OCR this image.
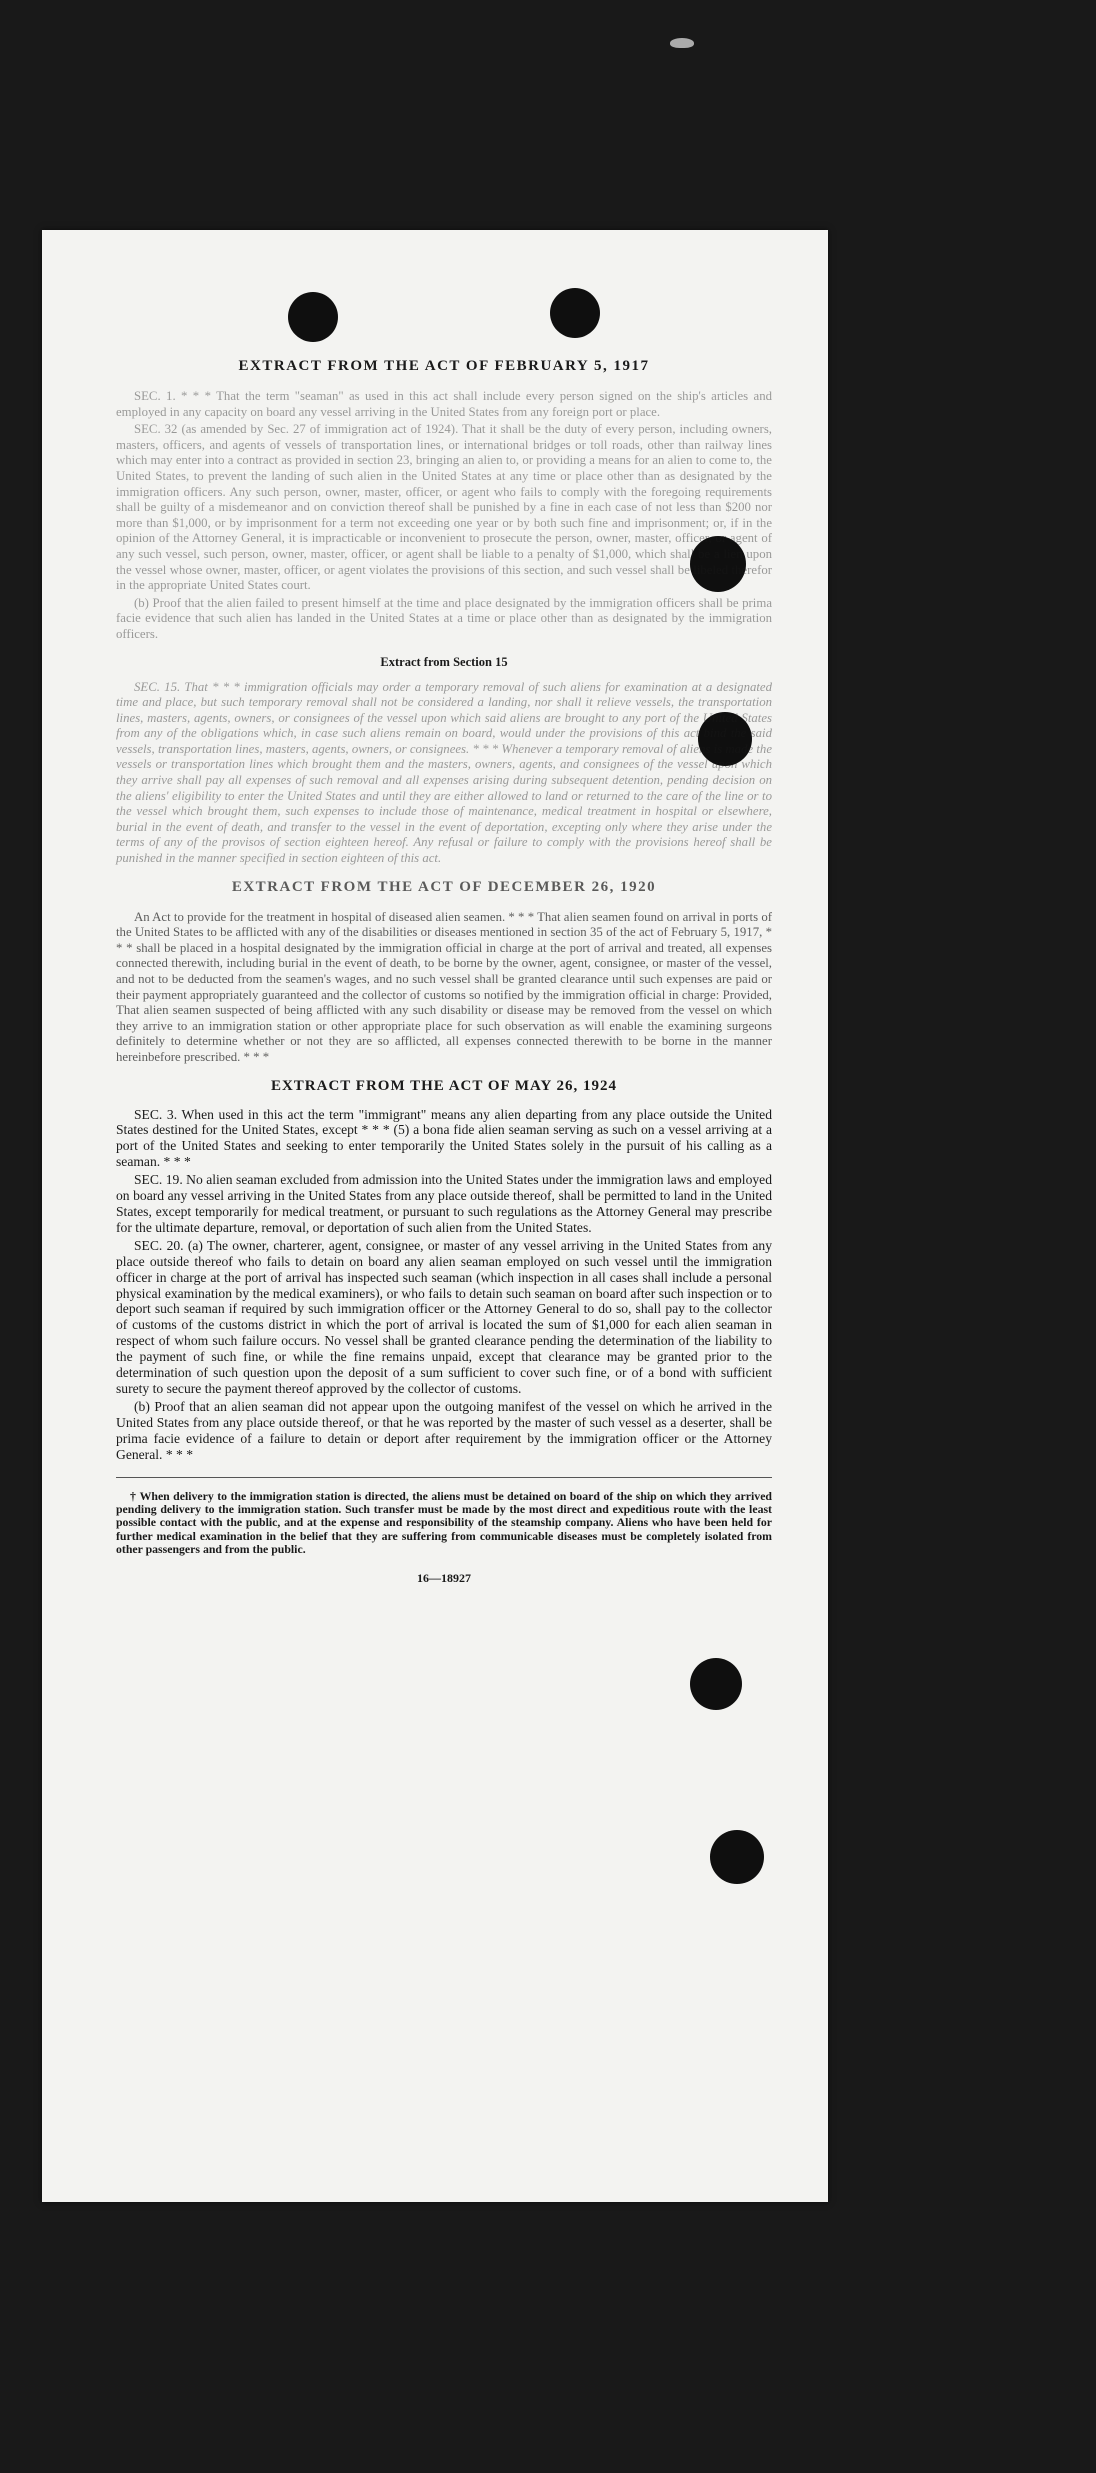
EXTRACT FROM THE ACT OF FEBRUARY 5, 1917

SEC. 1. * * * That the term "seaman" as used in this act shall include every person signed on the ship's articles and employed in any capacity on board any vessel arriving in the United States from any foreign port or place.

SEC. 32 (as amended by Sec. 27 of immigration act of 1924). That it shall be the duty of every person, including owners, masters, officers, and agents of vessels of transportation lines, or international bridges or toll roads, other than railway lines which may enter into a contract as provided in section 23, bringing an alien to, or providing a means for an alien to come to, the United States, to prevent the landing of such alien in the United States at any time or place other than as designated by the immigration officers. Any such person, owner, master, officer, or agent who fails to comply with the foregoing requirements shall be guilty of a misdemeanor and on conviction thereof shall be punished by a fine in each case of not less than $200 nor more than $1,000, or by imprisonment for a term not exceeding one year or by both such fine and imprisonment; or, if in the opinion of the Attorney General, it is impracticable or inconvenient to prosecute the person, owner, master, officer, or agent of any such vessel, such person, owner, master, officer, or agent shall be liable to a penalty of $1,000, which shall be a lien upon the vessel whose owner, master, officer, or agent violates the provisions of this section, and such vessel shall be libeled therefor in the appropriate United States court.

(b) Proof that the alien failed to present himself at the time and place designated by the immigration officers shall be prima facie evidence that such alien has landed in the United States at a time or place other than as designated by the immigration officers.

Extract from Section 15

SEC. 15. That * * * immigration officials may order a temporary removal of such aliens for examination at a designated time and place, but such temporary removal shall not be considered a landing, nor shall it relieve vessels, the transportation lines, masters, agents, owners, or consignees of the vessel upon which said aliens are brought to any port of the United States from any of the obligations which, in case such aliens remain on board, would under the provisions of this act bind the said vessels, transportation lines, masters, agents, owners, or consignees. * * * Whenever a temporary removal of aliens is made the vessels or transportation lines which brought them and the masters, owners, agents, and consignees of the vessel upon which they arrive shall pay all expenses of such removal and all expenses arising during subsequent detention, pending decision on the aliens' eligibility to enter the United States and until they are either allowed to land or returned to the care of the line or to the vessel which brought them, such expenses to include those of maintenance, medical treatment in hospital or elsewhere, burial in the event of death, and transfer to the vessel in the event of deportation, excepting only where they arise under the terms of any of the provisos of section eighteen hereof. Any refusal or failure to comply with the provisions hereof shall be punished in the manner specified in section eighteen of this act.

EXTRACT FROM THE ACT OF DECEMBER 26, 1920

An Act to provide for the treatment in hospital of diseased alien seamen. * * * That alien seamen found on arrival in ports of the United States to be afflicted with any of the disabilities or diseases mentioned in section 35 of the act of February 5, 1917, * * * shall be placed in a hospital designated by the immigration official in charge at the port of arrival and treated, all expenses connected therewith, including burial in the event of death, to be borne by the owner, agent, consignee, or master of the vessel, and not to be deducted from the seamen's wages, and no such vessel shall be granted clearance until such expenses are paid or their payment appropriately guaranteed and the collector of customs so notified by the immigration official in charge: Provided, That alien seamen suspected of being afflicted with any such disability or disease may be removed from the vessel on which they arrive to an immigration station or other appropriate place for such observation as will enable the examining surgeons definitely to determine whether or not they are so afflicted, all expenses connected therewith to be borne in the manner hereinbefore prescribed. * * *

EXTRACT FROM THE ACT OF MAY 26, 1924

SEC. 3. When used in this act the term "immigrant" means any alien departing from any place outside the United States destined for the United States, except * * * (5) a bona fide alien seaman serving as such on a vessel arriving at a port of the United States and seeking to enter temporarily the United States solely in the pursuit of his calling as a seaman. * * *

SEC. 19. No alien seaman excluded from admission into the United States under the immigration laws and employed on board any vessel arriving in the United States from any place outside thereof, shall be permitted to land in the United States, except temporarily for medical treatment, or pursuant to such regulations as the Attorney General may prescribe for the ultimate departure, removal, or deportation of such alien from the United States.

SEC. 20. (a) The owner, charterer, agent, consignee, or master of any vessel arriving in the United States from any place outside thereof who fails to detain on board any alien seaman employed on such vessel until the immigration officer in charge at the port of arrival has inspected such seaman (which inspection in all cases shall include a personal physical examination by the medical examiners), or who fails to detain such seaman on board after such inspection or to deport such seaman if required by such immigration officer or the Attorney General to do so, shall pay to the collector of customs of the customs district in which the port of arrival is located the sum of $1,000 for each alien seaman in respect of whom such failure occurs. No vessel shall be granted clearance pending the determination of the liability to the payment of such fine, or while the fine remains unpaid, except that clearance may be granted prior to the determination of such question upon the deposit of a sum sufficient to cover such fine, or of a bond with sufficient surety to secure the payment thereof approved by the collector of customs.

(b) Proof that an alien seaman did not appear upon the outgoing manifest of the vessel on which he arrived in the United States from any place outside thereof, or that he was reported by the master of such vessel as a deserter, shall be prima facie evidence of a failure to detain or deport after requirement by the immigration officer or the Attorney General. * * *

† When delivery to the immigration station is directed, the aliens must be detained on board of the ship on which they arrived pending delivery to the immigration station. Such transfer must be made by the most direct and expeditious route with the least possible contact with the public, and at the expense and responsibility of the steamship company. Aliens who have been held for further medical examination in the belief that they are suffering from communicable diseases must be completely isolated from other passengers and from the public.

16—18927
